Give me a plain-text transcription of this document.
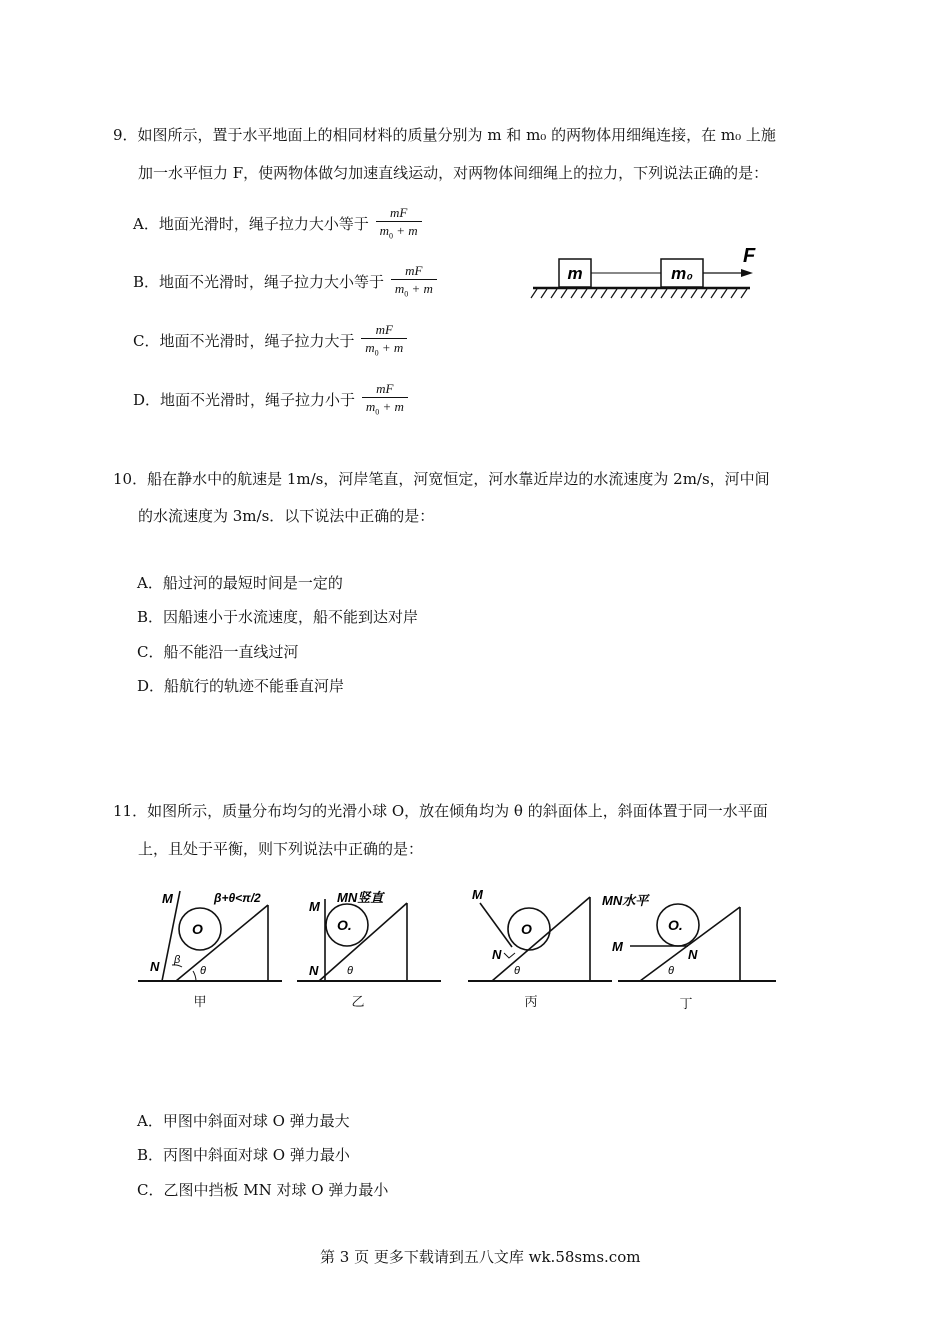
9．如图所示，置于水平地面上的相同材料的质量分别为 m 和 m₀ 的两物体用细绳连接，在 m₀ 上施
加一水平恒力 F，使两物体做匀加速直线运动，对两物体间细绳上的拉力，下列说法正确的是：
A．地面光滑时，绳子拉力大小等于 $\frac{mF}{m_0 + m}$
B．地面不光滑时，绳子拉力大小等于 $\frac{mF}{m_0 + m}$
C．地面不光滑时，绳子拉力大于 $\frac{mF}{m_0 + m}$
D．地面不光滑时，绳子拉力小于 $\frac{mF}{m_0 + m}$
m	m₀
F
10．船在静水中的航速是 1m/s，河岸笔直，河宽恒定，河水靠近岸边的水流速度为 2m/s，河中间
的水流速度为 3m/s．以下说法中正确的是：
A．船过河的最短时间是一定的
B．因船速小于水流速度，船不能到达对岸
C．船不能沿一直线过河
D．船航行的轨迹不能垂直河岸
11．如图所示，质量分布均匀的光滑小球 O，放在倾角均为 θ 的斜面体上，斜面体置于同一水平面
上，且处于平衡，则下列说法中正确的是：
M
N
O
β
θ
β+θ<π/2
甲
M
N
O.
θ
MN竖直
乙
M
N
O
θ
丙
MN水平
M
N
O.
θ
丁
A．甲图中斜面对球 O 弹力最大
B．丙图中斜面对球 O 弹力最小
C．乙图中挡板 MN 对球 O 弹力最小
第 3 页 更多下载请到五八文库 wk.58sms.com
